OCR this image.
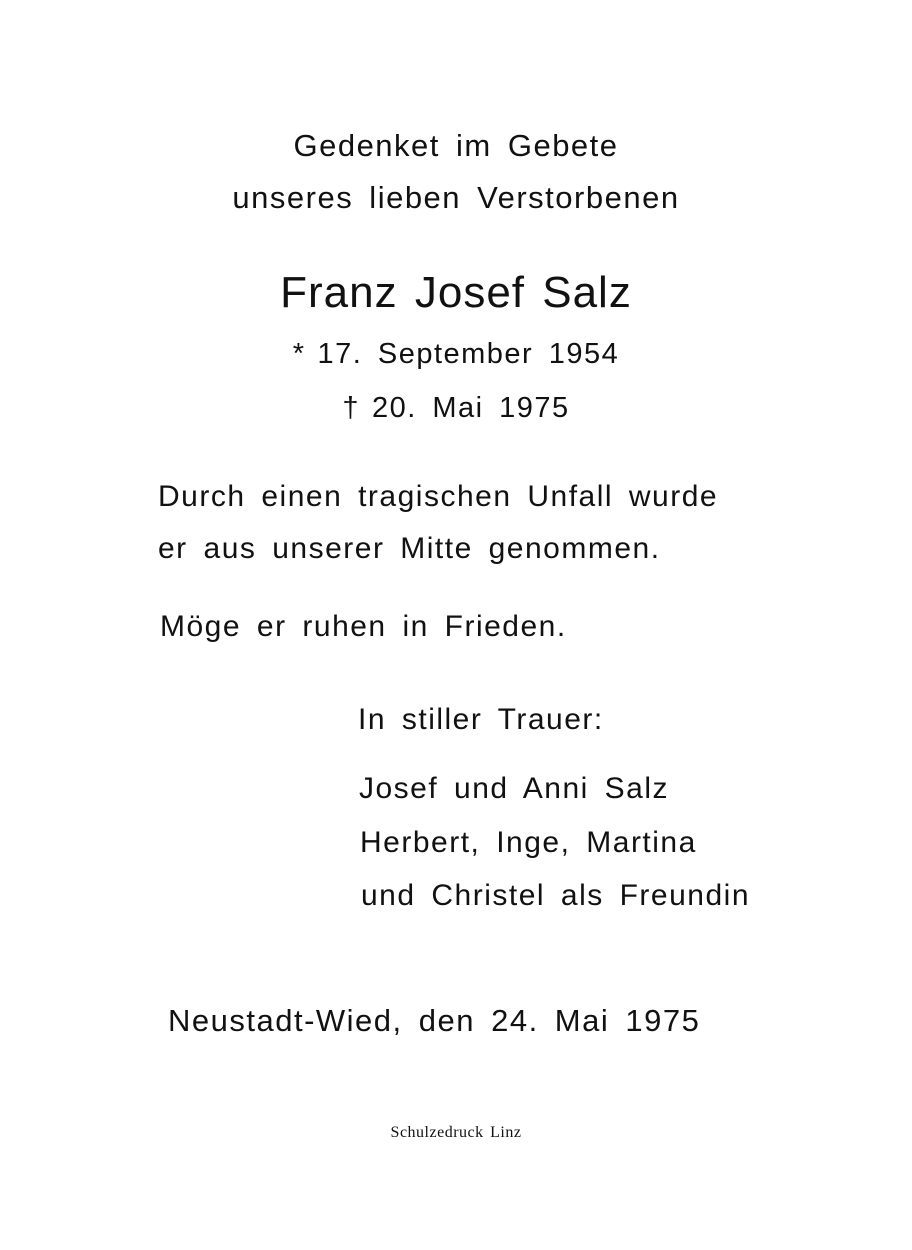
Gedenket im Gebete
unseres lieben Verstorbenen
Franz Josef Salz
* 17. September 1954
† 20. Mai 1975
Durch einen tragischen Unfall wurde
er aus unserer Mitte genommen.
Möge er ruhen in Frieden.
In stiller Trauer:
Josef und Anni Salz
Herbert, Inge, Martina
und Christel als Freundin
Neustadt-Wied, den 24. Mai 1975
Schulzedruck Linz
